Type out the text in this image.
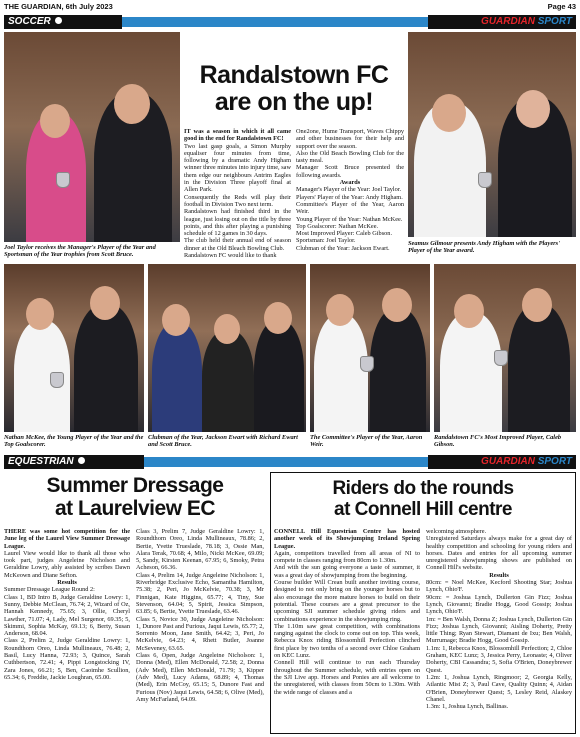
THE GUARDIAN, 6th July 2023	Page 43
SOCCER	GUARDIAN SPORT
Joel Taylor receives the Manager's Player of the Year and Sportsman of the Year trophies from Scott Bruce.
Randalstown FC
are on the up!

IT was a season in which it all came good in the end for Randalstown FC!

Two last gasp goals, a Simon Murphy equaliser four minutes from time, following by a dramatic Andy Higham winner three minutes into injury time, saw them edge our neighbours Antrim Eagles in the Division Three playoff final at Allen Park.

Consequently the Reds will play their football in Division Two next term.

Randalstown had finished third in the league, just losing out on the title by three points, and this after playing a punishing schedule of 12 games in 30 days.

The club held their annual end of season dinner at the Old Bleach Bowling Club.

Randalstown FC would like to thank

One2one, Hume Transport, Waves Chippy and other businesses for their help and support over the season.

Also the Old Beach Bowling Club for the tasty meal.

Manager Scott Bruce presented the following awards.

Awards

Manager's Player of the Year: Joel Taylor.

Players' Player of the Year: Andy Higham.

Committee's Player of the Year, Aaron Weir.

Young Player of the Year: Nathan McKee.

Top Goalscorer: Nathan McKee.

Most Improved Player: Caleb Gibson.

Sportsman: Joel Taylor.

Clubman of the Year: Jackson Ewart.

Seamus Gilmour presents Andy Higham with the Players' Player of the Year award.
Nathan McKee, the Young Player of the Year and the Top Goalscorer.
Clubman of the Year, Jackson Ewart with Richard Ewart and Scott Bruce.
The Committee's Player of the Year, Aaron Weir.
Randalstown FC's Most Improved Player, Caleb Gibson.
EQUESTRIAN	GUARDIAN SPORT
Summer Dressage
at Laurelview EC

THERE was some hot competition for the June leg of the Laurel View Summer Dressage League.

Laurel View would like to thank all those who took part, judges Angeleine Nicholson and Geraldine Lowry, ably assisted by scribes Dawn McKeown and Diane Sefton.

Results

Summer Dressage League Round 2:

Class 1, BD Intro B, Judge Geraldine Lowry: 1, Sunny, Debbie McClean, 76.74; 2, Wizard of Oz, Hannah Kennedy, 75.65; 3, Ollie, Cheryl Lawther, 71.07; 4, Lady, Mel Surgenor, 69.35; 5, Skimmi, Sophia McKay, 69.13; 6, Berty, Susan Anderson, 68.04.

Class 2, Prelim 2, Judge Geraldine Lowry: 1, Roundthorn Oreo, Linda Mullineaux, 76.48; 2, Basil, Lucy Hanna, 72.93; 3, Quince, Sarah Cuthbertson, 72.41; 4, Pippi Longstocking IV, Zara Jones, 66.21; 5, Ben, Caoimhe Scullion, 65.34; 6, Freddie, Jackie Loughran, 65.00.

Class 3, Prelim 7, Judge Geraldine Lowry: 1, Roundthorn Oreo, Linda Mullineaux, 78.86; 2, Bertie, Yvette Trueslade, 78.18; 3, Ossie Man, Alara Terak, 70.68; 4, Milo, Nicki McKee, 69.09; 5, Sandy, Kirsten Keenan, 67.95; 6, Smoky, Petra Acheson, 66.36.

Class 4, Prelim 14, Judge Angeleine Nicholson: 1, Riverbridge Exclusive Echo, Samantha Hamilton, 75.38; 2, Peri, Jo McKelvie, 70.38; 3, Mr Finnigan, Kate Higgins, 65.77; 4, Tiny, Sue Stevenson, 64.04; 5, Spirit, Jessica Simpson, 63.85; 6, Bertie, Yvette Trueslade, 63.46.

Class 5, Novice 30, Judge Angeleine Nicholson: 1, Dunore Past and Furious, Jaqui Lewis, 65.77; 2, Sorrento Moon, Jane Smith, 64.42; 3, Peri, Jo McKelvie, 64.23; 4, Rhett Butler, Joanne McSeveney, 63.65.

Class 6, Open, Judge Angeleine Nicholson: 1, Donna (Med), Ellen McDonald, 72.58; 2, Donna (Adv Med), Ellen McDonald, 71.79; 3, Kipper (Adv Med), Lucy Adams, 68.89; 4, Thomas (Med), Erin McCoy, 65.15; 5, Dunore Fast and Furious (Nov) Jaqui Lewis, 64.58; 6, Olive (Med), Amy McFarland, 64.09.

Riders do the rounds
at Connell Hill centre

CONNELL Hill Equestrian Centre has hosted another week of its Showjumping Ireland Spring League.

Again, competitors travelled from all areas of NI to compete in classes ranging from 80cm to 1.30m.

And with the sun going everyone a taste of summer, it was a great day of showjumping from the beginning.

Course builder Will Crean built another inviting course, designed to not only bring on the younger horses but to also encourage the more mature horses to build on their potential. These courses are a great precursor to the upcoming SJI summer schedule giving riders and combinations experience in the showjumping ring.

The 1.10m saw great competition, with combinations ranging against the clock to come out on top. This week, Rebecca Knox riding Blossomhill Perfection clinched first place by two tenths of a second over Chloe Graham on KEC Lunz.

Connell Hill will continue to run each Thursday throughout the Summer schedule, with entries open on the SJI Live app. Horses and Ponies are all welcome to the unregistered, with classes from 50cm to 1.30m. With the wide range of classes and a

welcoming atmosphere.

Unregistered Saturdays always make for a great day of healthy competition and schooling for young riders and horses. Dates and entries for all upcoming summer unregistered showjumping shows are published on Connell Hill's website.

Results

80cm: = Noel McKee, Kecford Shooting Star; Joshua Lynch, Ohio'F.

90cm: = Joshua Lynch, Dullerton Gin Fizz; Joshua Lynch, Giovanni; Bradie Hogg, Good Gossip; Joshua Lynch, Ohio'F.

1m: = Ben Walsh, Donna Z; Joshua Lynch, Dullerton Gin Fizz; Joshua Lynch, Giovanni; Aisling Doherty, Pretty little Thing; Ryan Stewart, Diamant de Ixu; Ben Walsh, Murrumage; Bradie Hogg, Good Gossip.

1.1m: 1, Rebecca Knox, Blossomhill Perfection; 2, Chloe Graham, KEC Lunz; 3, Jessica Perry, Leonaste; 4, Oliver Doherty, CBI Cassandra; 5, Sofia O'Brien, Doneybrewer Quest.

1.2m: 1, Joshua Lynch, Ringmoor; 2, Georgia Kelly, Atlantic Mist Z; 3, Paul Cave, Quality Quinn; 4, Aidan O'Brien, Doneybrewer Quest; 5, Lesley Reid, Alaskey Chanel.

1.3m: 1, Joshua Lynch, Ballinas.
